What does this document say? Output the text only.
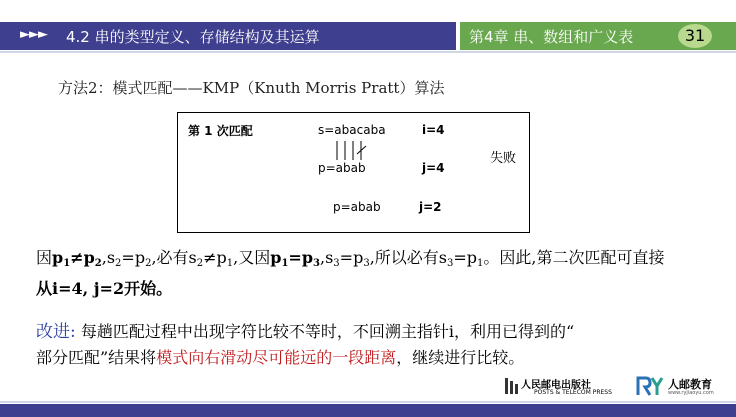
►►► 4.2 串的类型定义、存储结构及其运算	第4章 串、数组和广义表	31
方法2：模式匹配——KMP（Knuth Morris Pratt）算法
第 1 次匹配	s=abacaba	i=4
p=abab	j=4
失败
p=abab	j=2
因$p_1\ne p_2,s_2=p_2$,必有$s_2\ne p_1$,又因$p_1=p_3,s_3=p_3$,所以必有$s_3=p_1$。因此,第二次匹配可直接
从i=4, j=2开始。
改进: 每趟匹配过程中出现字符比较不等时，不回溯主指针i，利用已得到的“
部分匹配”结果将模式向右滑动尽可能远的一段距离，继续进行比较。
人民邮电出版社
POSTS & TELECOM PRESS
人邮教育
www.ryjiaoyu.com
